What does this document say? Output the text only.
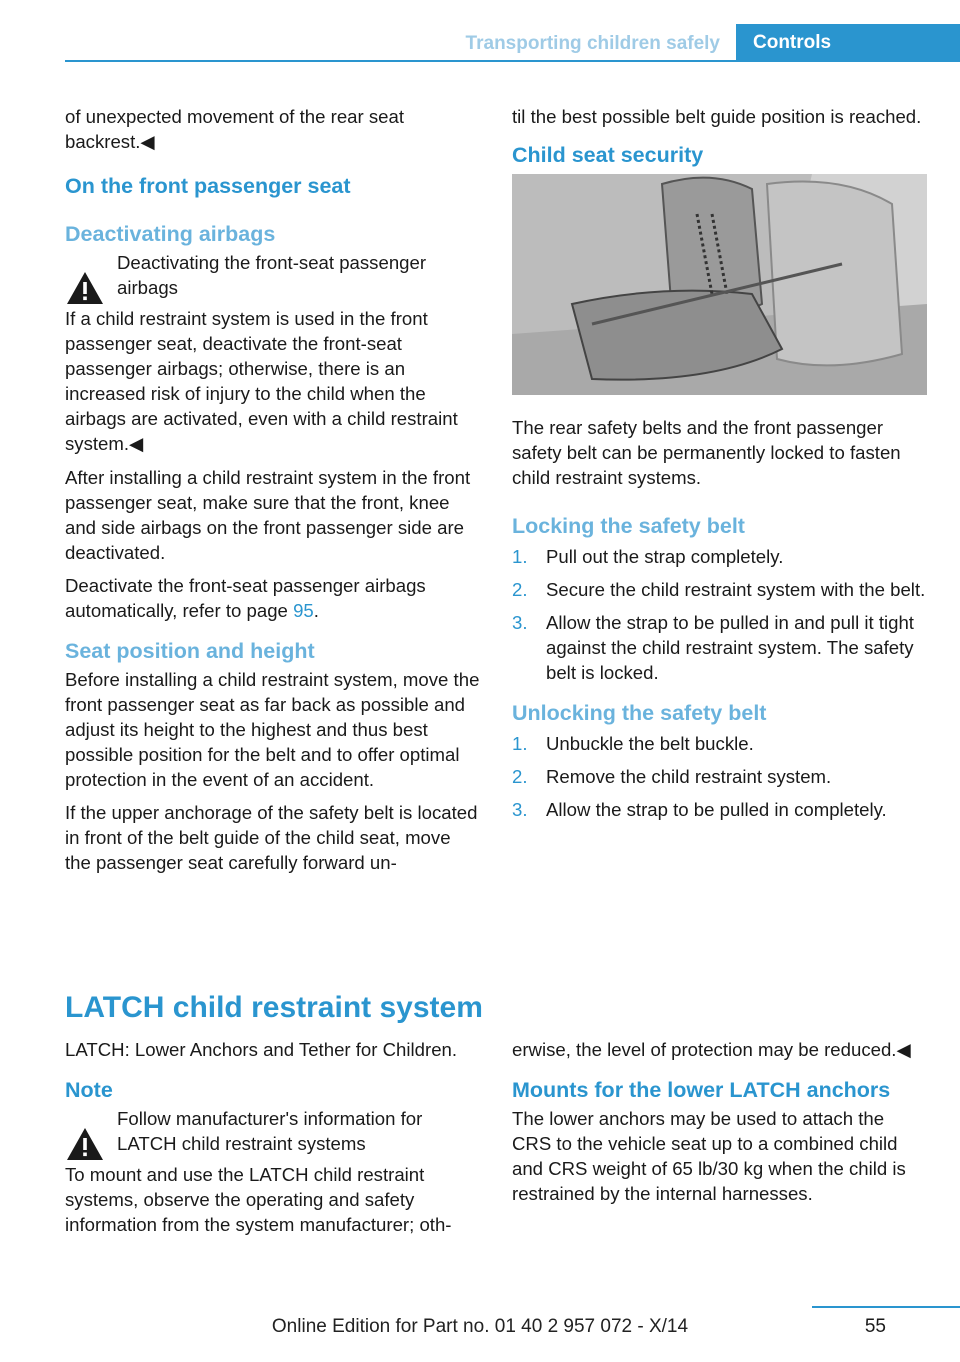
Transporting children safely	Controls

of unexpected movement of the rear seat backrest.◀

On the front passenger seat
Deactivating airbags
Deactivating the front-seat passenger airbags

If a child restraint system is used in the front passenger seat, deactivate the front-seat passenger airbags; otherwise, there is an increased risk of injury to the child when the airbags are activated, even with a child restraint system.◀

After installing a child restraint system in the front passenger seat, make sure that the front, knee and side airbags on the front passenger side are deactivated.

Deactivate the front-seat passenger airbags automatically, refer to page 95.

Seat position and height

Before installing a child restraint system, move the front passenger seat as far back as possible and adjust its height to the highest and thus best possible position for the belt and to offer optimal protection in the event of an accident.

If the upper anchorage of the safety belt is located in front of the belt guide of the child seat, move the passenger seat carefully forward un-

til the best possible belt guide position is reached.

Child seat security

The rear safety belts and the front passenger safety belt can be permanently locked to fasten child restraint systems.

Locking the safety belt
1. Pull out the strap completely.
2. Secure the child restraint system with the belt.
3. Allow the strap to be pulled in and pull it tight against the child restraint system. The safety belt is locked.
Unlocking the safety belt
1. Unbuckle the belt buckle.
2. Remove the child restraint system.
3. Allow the strap to be pulled in completely.
LATCH child restraint system

LATCH: Lower Anchors and Tether for Children.

Note
Follow manufacturer's information for LATCH child restraint systems

To mount and use the LATCH child restraint systems, observe the operating and safety information from the system manufacturer; oth-

erwise, the level of protection may be reduced.◀

Mounts for the lower LATCH anchors

The lower anchors may be used to attach the CRS to the vehicle seat up to a combined child and CRS weight of 65 lb/30 kg when the child is restrained by the internal harnesses.

Online Edition for Part no. 01 40 2 957 072 - X/14	55
